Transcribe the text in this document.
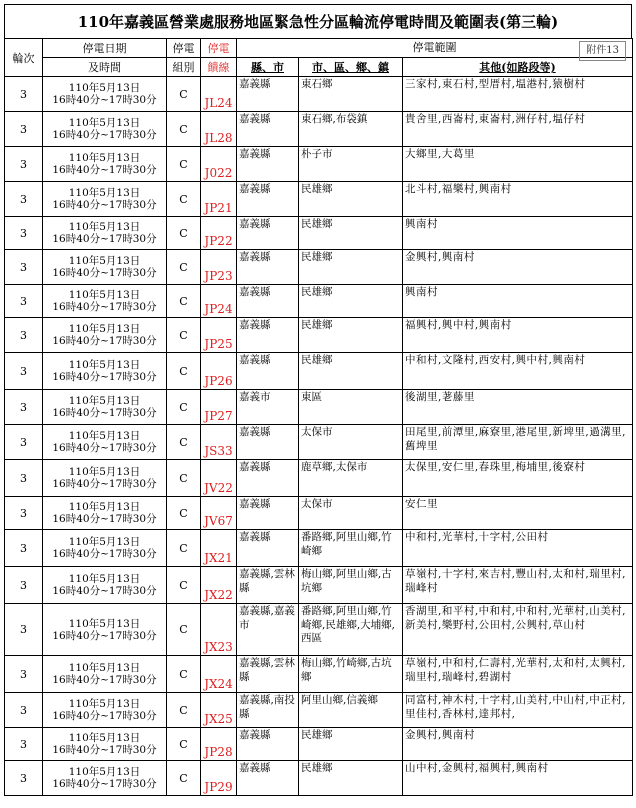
110年嘉義區營業處服務地區緊急性分區輪流停電時間及範圍表(第三輪)
輪次	停電日期	停電	停電	停電範圍 附件13		

	及時間	組別	饋線	縣、市	市、區、鄉、鎮	其他(如路段等)
3	110年5月13日
16時40分~17時30分	C	JL24	嘉義縣	東石鄉	三家村,東石村,型厝村,塭港村,猿樹村
3	110年5月13日
16時40分~17時30分	C	JL28	嘉義縣	東石鄉,布袋鎮	貴舍里,西崙村,東崙村,洲仔村,塭仔村
3	110年5月13日
16時40分~17時30分	C	J022	嘉義縣	朴子市	大鄉里,大葛里
3	110年5月13日
16時40分~17時30分	C	JP21	嘉義縣	民雄鄉	北斗村,福樂村,興南村
3	110年5月13日
16時40分~17時30分	C	JP22	嘉義縣	民雄鄉	興南村
3	110年5月13日
16時40分~17時30分	C	JP23	嘉義縣	民雄鄉	金興村,興南村
3	110年5月13日
16時40分~17時30分	C	JP24	嘉義縣	民雄鄉	興南村
3	110年5月13日
16時40分~17時30分	C	JP25	嘉義縣	民雄鄉	福興村,興中村,興南村
3	110年5月13日
16時40分~17時30分	C	JP26	嘉義縣	民雄鄉	中和村,文隆村,西安村,興中村,興南村
3	110年5月13日
16時40分~17時30分	C	JP27	嘉義市	東區	後湖里,荖藤里
3	110年5月13日
16時40分~17時30分	C	JS33	嘉義縣	太保市	田尾里,前潭里,麻寮里,港尾里,新埤里,過溝里,舊埤里
3	110年5月13日
16時40分~17時30分	C	JV22	嘉義縣	鹿草鄉,太保市	太保里,安仁里,春珠里,梅埔里,後寮村
3	110年5月13日
16時40分~17時30分	C	JV67	嘉義縣	太保市	安仁里
3	110年5月13日
16時40分~17時30分	C	JX21	嘉義縣	番路鄉,阿里山鄉,竹崎鄉	中和村,光華村,十字村,公田村
3	110年5月13日
16時40分~17時30分	C	JX22	嘉義縣,雲林縣	梅山鄉,阿里山鄉,古坑鄉	草嶺村,十字村,來吉村,豐山村,太和村,瑞里村,瑞峰村
3	110年5月13日
16時40分~17時30分	C	JX23	嘉義縣,嘉義市	番路鄉,阿里山鄉,竹崎鄉,民雄鄉,大埔鄉,西區	香湖里,和平村,中和村,中和村,光華村,山美村,新美村,樂野村,公田村,公興村,草山村
3	110年5月13日
16時40分~17時30分	C	JX24	嘉義縣,雲林縣	梅山鄉,竹崎鄉,古坑鄉	草嶺村,中和村,仁壽村,光華村,太和村,太興村,瑞里村,瑞峰村,碧湖村
3	110年5月13日
16時40分~17時30分	C	JX25	嘉義縣,南投縣	阿里山鄉,信義鄉	同富村,神木村,十字村,山美村,中山村,中正村,里佳村,香林村,達邦村,
3	110年5月13日
16時40分~17時30分	C	JP28	嘉義縣	民雄鄉	金興村,興南村
3	110年5月13日
16時40分~17時30分	C	JP29	嘉義縣	民雄鄉	山中村,金興村,福興村,興南村
